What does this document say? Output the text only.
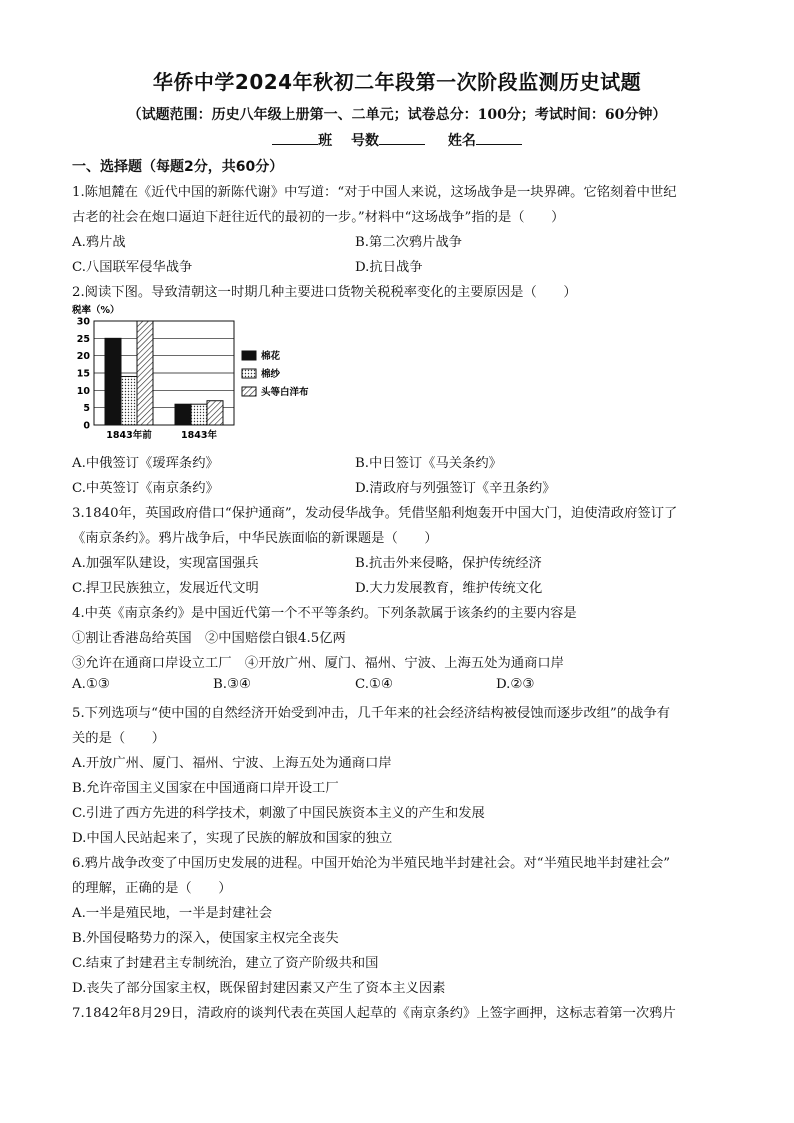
华侨中学2024年秋初二年段第一次阶段监测历史试题
（试题范围：历史八年级上册第一、二单元；试卷总分：100分；考试时间：60分钟）
班 号数	姓名
一、选择题（每题2分，共60分）
1.陈旭麓在《近代中国的新陈代谢》中写道：“对于中国人来说，这场战争是一块界碑。它铭刻着中世纪
古老的社会在炮口逼迫下赶往近代的最初的一步。”材料中“这场战争”指的是（　　）
A.鸦片战	B.第二次鸦片战争
C.八国联军侵华战争	D.抗日战争
2.阅读下图。导致清朝这一时期几种主要进口货物关税税率变化的主要原因是（　　）
税率（%）
30
25
20
15
10
5
0
1843年前	1843年
棉花
棉纱
头等白洋布
A.中俄签订《瑷珲条约》	B.中日签订《马关条约》
C.中英签订《南京条约》	D.清政府与列强签订《辛丑条约》
3.1840年，英国政府借口“保护通商”，发动侵华战争。凭借坚船利炮轰开中国大门，迫使清政府签订了
《南京条约》。鸦片战争后，中华民族面临的新课题是（　　）
A.加强军队建设，实现富国强兵	B.抗击外来侵略，保护传统经济
C.捍卫民族独立，发展近代文明	D.大力发展教育，维护传统文化
4.中英《南京条约》是中国近代第一个不平等条约。下列条款属于该条约的主要内容是
①割让香港岛给英国　②中国赔偿白银4.5亿两
③允许在通商口岸设立工厂　④开放广州、厦门、福州、宁波、上海五处为通商口岸
A.①③	B.③④	C.①④	D.②③
5.下列选项与“使中国的自然经济开始受到冲击，几千年来的社会经济结构被侵蚀而逐步改组”的战争有
关的是（　　）
A.开放广州、厦门、福州、宁波、上海五处为通商口岸
B.允许帝国主义国家在中国通商口岸开设工厂
C.引进了西方先进的科学技术，刺激了中国民族资本主义的产生和发展
D.中国人民站起来了，实现了民族的解放和国家的独立
6.鸦片战争改变了中国历史发展的进程。中国开始沦为半殖民地半封建社会。对“半殖民地半封建社会”
的理解，正确的是（　　）
A.一半是殖民地，一半是封建社会
B.外国侵略势力的深入，使国家主权完全丧失
C.结束了封建君主专制统治，建立了资产阶级共和国
D.丧失了部分国家主权，既保留封建因素又产生了资本主义因素
7.1842年8月29日，清政府的谈判代表在英国人起草的《南京条约》上签字画押，这标志着第一次鸦片
